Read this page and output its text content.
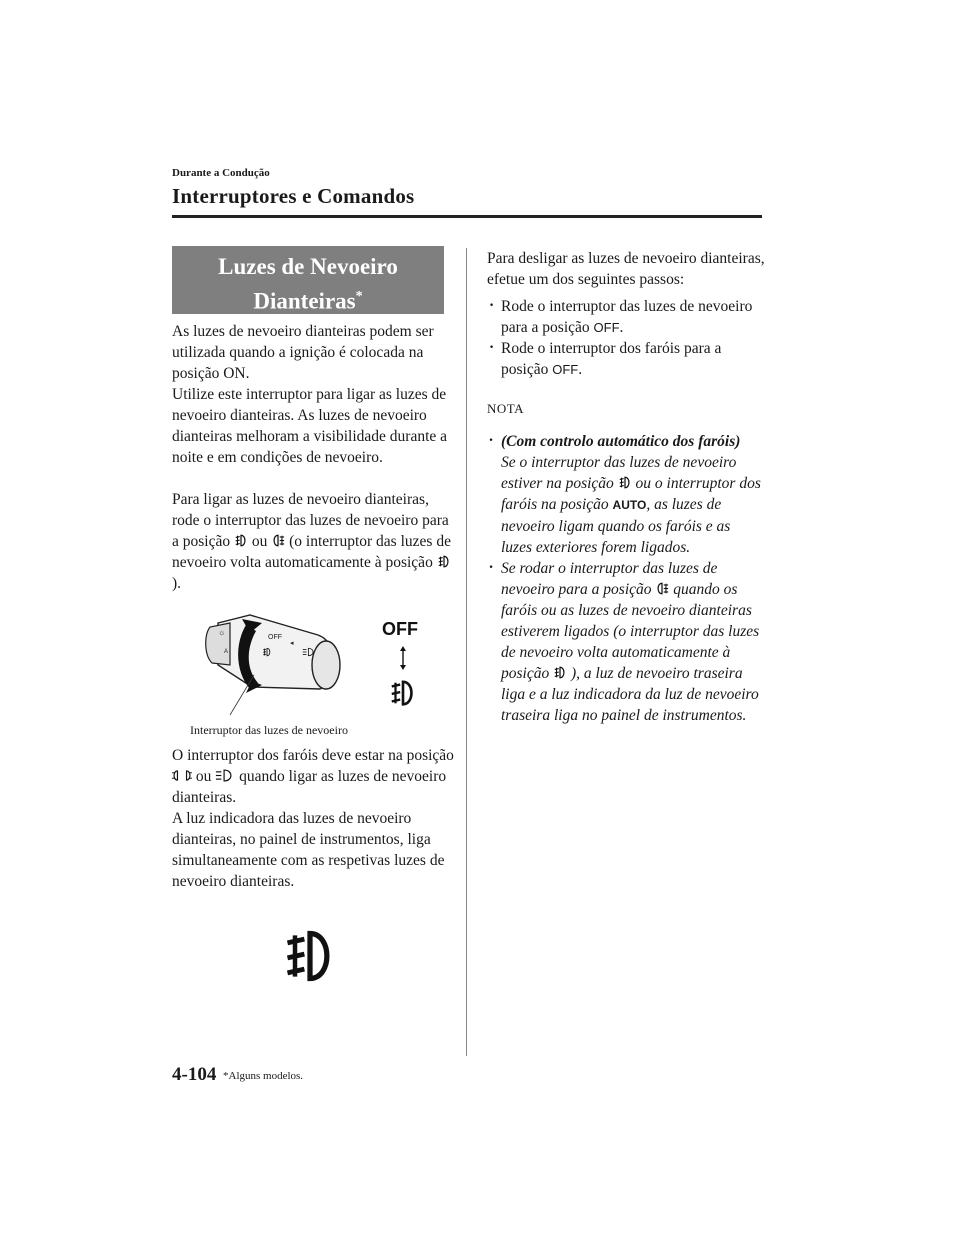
Durante a Condução
Interruptores e Comandos
Luzes de Nevoeiro
Dianteiras*

As luzes de nevoeiro dianteiras podem ser utilizada quando a ignição é colocada na posição ON.

Utilize este interruptor para ligar as luzes de nevoeiro dianteiras. As luzes de nevoeiro dianteiras melhoram a visibilidade durante a noite e em condições de nevoeiro.

Para ligar as luzes de nevoeiro dianteiras, rode o interruptor das luzes de nevoeiro para a posição ou (o interruptor das luzes de nevoeiro volta automaticamente à posição
).

OFF
◂
☼
A
OFF
Interruptor das luzes de nevoeiro

O interruptor dos faróis deve estar na posição
ou quando ligar as luzes de nevoeiro dianteiras.

A luz indicadora das luzes de nevoeiro dianteiras, no painel de instrumentos, liga simultaneamente com as respetivas luzes de nevoeiro dianteiras.

Para desligar as luzes de nevoeiro dianteiras, efetue um dos seguintes passos:

· Rode o interruptor das luzes de nevoeiro para a posição OFF.
· Rode o interruptor dos faróis para a posição OFF.
NOTA
· (Com controlo automático dos faróis)
Se o interruptor das luzes de nevoeiro estiver na posição ou o interruptor dos faróis na posição AUTO, as luzes de nevoeiro ligam quando os faróis e as luzes exteriores forem ligados.
· Se rodar o interruptor das luzes de nevoeiro para a posição quando os faróis ou as luzes de nevoeiro dianteiras estiverem ligados (o interruptor das luzes de nevoeiro volta automaticamente à posição ), a luz de nevoeiro traseira liga e a luz indicadora da luz de nevoeiro traseira liga no painel de instrumentos.
4-104 *Alguns modelos.
